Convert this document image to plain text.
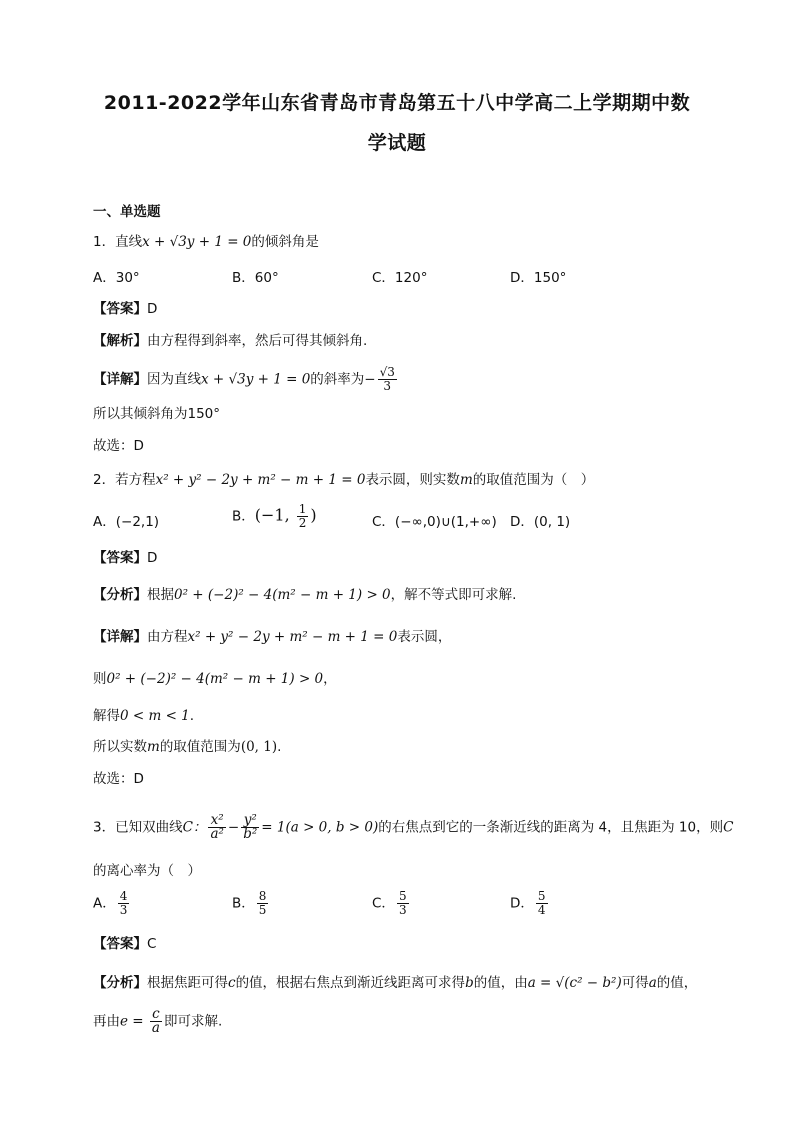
2011-2022学年山东省青岛市青岛第五十八中学高二上学期期中数
学试题
一、单选题
1．直线x + √3y + 1 = 0的倾斜角是
A．30°	B．60°	C．120°	D．150°
【答案】D
【解析】由方程得到斜率，然后可得其倾斜角.
【详解】因为直线x + √3y + 1 = 0的斜率为− $\frac{√3}{3}$
所以其倾斜角为150°
故选：D
2．若方程x² + y² − 2y + m² − m + 1 = 0表示圆，则实数m的取值范围为（　）
A．(−2,1)	B．(−1, $\frac{1}{2}$ )	C．(−∞,0)∪(1,+∞) D．(0, 1)
【答案】D
【分析】根据0² + (−2)² − 4(m² − m + 1) > 0，解不等式即可求解.
【详解】由方程x² + y² − 2y + m² − m + 1 = 0表示圆，
则0² + (−2)² − 4(m² − m + 1) > 0，
解得0 < m < 1.
所以实数m的取值范围为(0, 1).
故选：D
3．已知双曲线C： $\frac{\text{x²}}{\text{a²}} - \frac{\text{y²}}{\text{b²}} = 1(a > 0$, b > 0)的右焦点到它的一条渐近线的距离为 4，且焦距为 10，则C
的离心率为（　）
A． $\frac{4}{3}$	B． $\frac{8}{5}$	C． $\frac{5}{3}$	D． $\frac{5}{4}$
【答案】C
【分析】根据焦距可得c的值，根据右焦点到渐近线距离可求得b的值，由a = √(c² − b²)可得a的值，
再由$e = \frac{c}{a}$ 即可求解.
